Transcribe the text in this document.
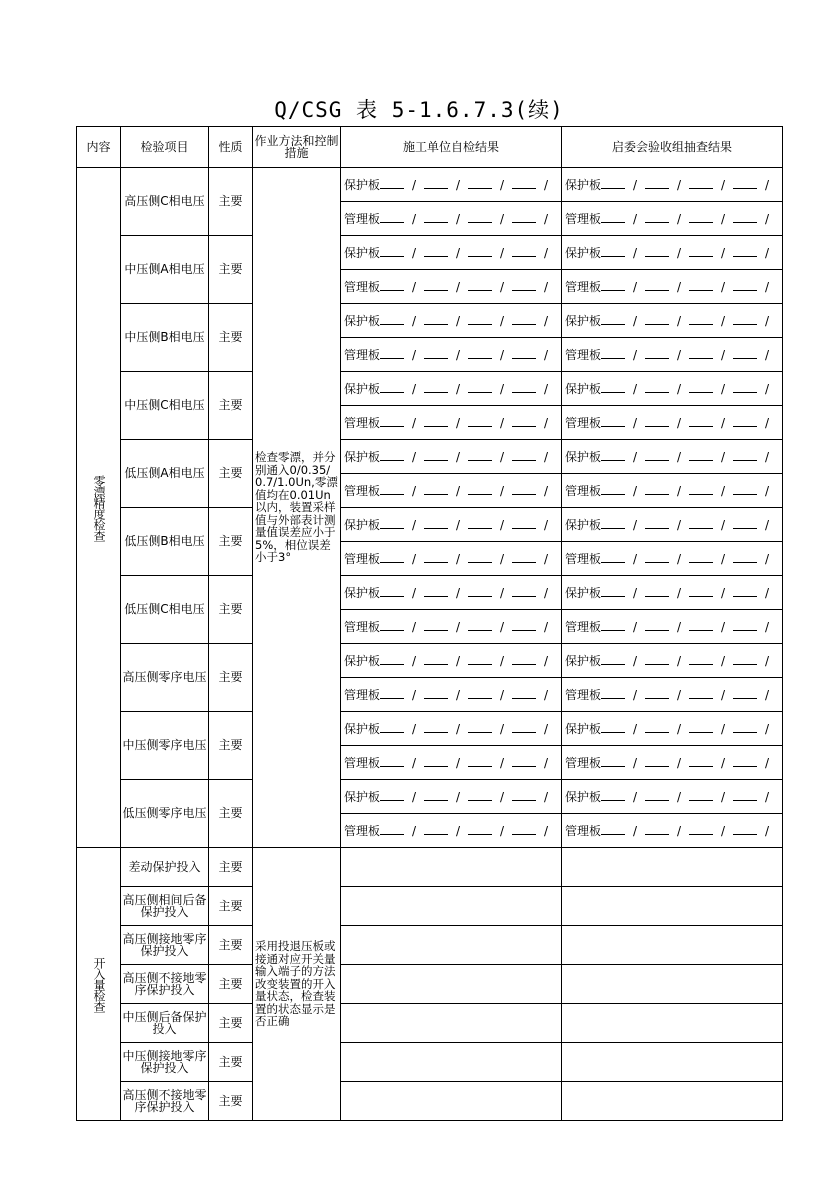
Q/CSG 表 5-1.6.7.3(续)
内容	检验项目	性质	作业方法和控制措施	施工单位自检结果	启委会验收组抽查结果

零漂精度检查	高压侧C相电压	主要	检查零漂，并分别通入0/0.35/0.7/1.0Un,零漂值均在0.01Un以内，装置采样值与外部表计测量值误差应小于5%，相位误差小于3°	保护板 / / / /	保护板 / / / /
				管理板 / / / /	管理板 / / / /
	中压侧A相电压	主要		保护板 / / / /	保护板 / / / /
				管理板 / / / /	管理板 / / / /
	中压侧B相电压	主要		保护板 / / / /	保护板 / / / /
				管理板 / / / /	管理板 / / / /
	中压侧C相电压	主要		保护板 / / / /	保护板 / / / /
				管理板 / / / /	管理板 / / / /
	低压侧A相电压	主要		保护板 / / / /	保护板 / / / /
				管理板 / / / /	管理板 / / / /
	低压侧B相电压	主要		保护板 / / / /	保护板 / / / /
				管理板 / / / /	管理板 / / / /
	低压侧C相电压	主要		保护板 / / / /	保护板 / / / /
				管理板 / / / /	管理板 / / / /
	高压侧零序电压	主要		保护板 / / / /	保护板 / / / /
				管理板 / / / /	管理板 / / / /
	中压侧零序电压	主要		保护板 / / / /	保护板 / / / /
				管理板 / / / /	管理板 / / / /
	低压侧零序电压	主要		保护板 / / / /	保护板 / / / /
				管理板 / / / /	管理板 / / / /

开入量检查	差动保护投入	主要	采用投退压板或接通对应开关量输入端子的方法改变装置的开入量状态，检查装置的状态显示是否正确		
	高压侧相间后备保护投入	主要			
	高压侧接地零序保护投入	主要			
	高压侧不接地零序保护投入	主要			
	中压侧后备保护投入	主要			
	中压侧接地零序保护投入	主要			
	高压侧不接地零序保护投入	主要			
